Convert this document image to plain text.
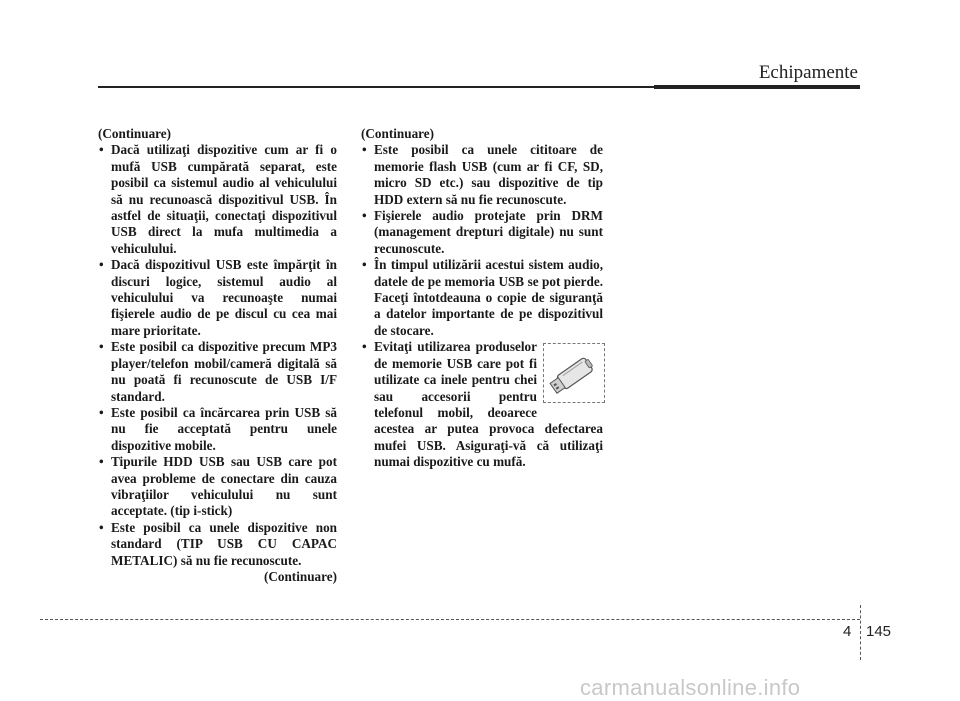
Echipamente
(Continuare)
• Dacă utilizaţi dispozitive cum ar fi o mufă USB cumpărată separat, este posibil ca sistemul audio al vehiculului să nu recunoască dispozitivul USB. În astfel de situaţii, conectaţi dispozitivul USB direct la mufa multimedia a vehiculului.
• Dacă dispozitivul USB este împărţit în discuri logice, sistemul audio al vehiculului va recunoaşte numai fişierele audio de pe discul cu cea mai mare prioritate.
• Este posibil ca dispozitive precum MP3 player/telefon mobil/cameră digitală să nu poată fi recunoscute de USB I/F standard.
• Este posibil ca încărcarea prin USB să nu fie acceptată pentru unele dispozitive mobile.
• Tipurile HDD USB sau USB care pot avea probleme de conectare din cauza vibraţiilor vehiculului nu sunt acceptate. (tip i-stick)
• Este posibil ca unele dispozitive non standard (TIP USB CU CAPAC METALIC) să nu fie recunoscute.
(Continuare)
(Continuare)
• Este posibil ca unele cititoare de memorie flash USB (cum ar fi CF, SD, micro SD etc.) sau dispozitive de tip HDD extern să nu fie recunoscute.
• Fişierele audio protejate prin DRM (management drepturi digitale) nu sunt recunoscute.
• În timpul utilizării acestui sistem audio, datele de pe memoria USB se pot pierde. Faceţi întotdeauna o copie de siguranţă a datelor importante de pe dispozitivul de stocare.
• Evitaţi utilizarea produselor de memorie USB care pot fi utilizate ca inele pentru chei sau accesorii pentru telefonul mobil, deoarece acestea ar putea provoca defectarea mufei USB. Asiguraţi-vă că utilizaţi numai dispozitive cu mufă.
4 145
carmanualsonline.info
